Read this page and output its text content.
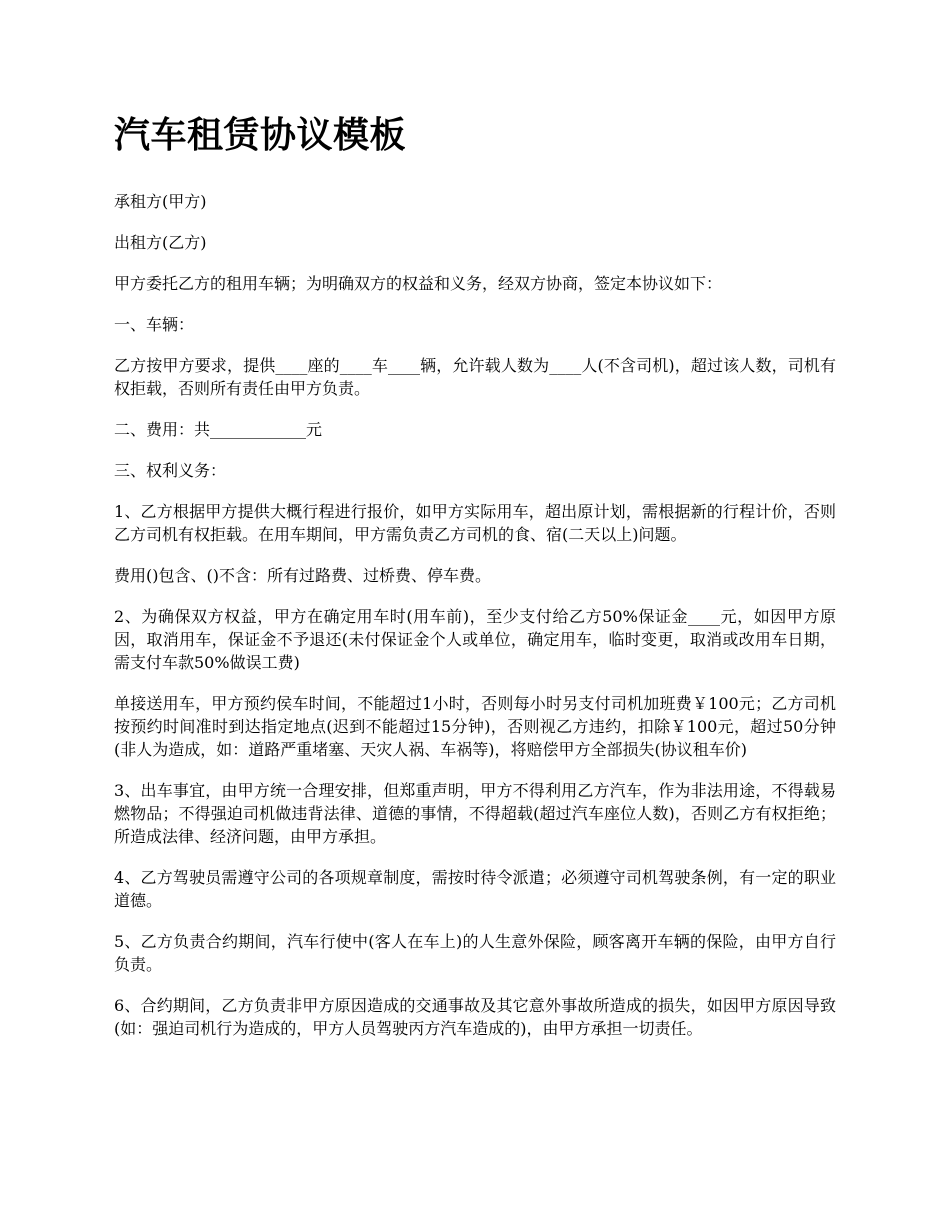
汽车租赁协议模板

承租方(甲方)

出租方(乙方)

甲方委托乙方的租用车辆；为明确双方的权益和义务，经双方协商，签定本协议如下：

一、车辆：

乙方按甲方要求，提供____座的____车____辆，允许载人数为____人(不含司机)，超过该人数，司机有权拒载，否则所有责任由甲方负责。

二、费用：共____________元

三、权利义务：

1、乙方根据甲方提供大概行程进行报价，如甲方实际用车，超出原计划，需根据新的行程计价，否则乙方司机有权拒载。在用车期间，甲方需负责乙方司机的食、宿(二天以上)问题。

费用()包含、()不含：所有过路费、过桥费、停车费。

2、为确保双方权益，甲方在确定用车时(用车前)，至少支付给乙方50%保证金____元，如因甲方原因，取消用车，保证金不予退还(未付保证金个人或单位，确定用车，临时变更，取消或改用车日期，需支付车款50%做误工费)

单接送用车，甲方预约侯车时间，不能超过1小时，否则每小时另支付司机加班费￥100元；乙方司机按预约时间准时到达指定地点(迟到不能超过15分钟)，否则视乙方违约，扣除￥100元，超过50分钟(非人为造成，如：道路严重堵塞、天灾人祸、车祸等)，将赔偿甲方全部损失(协议租车价)

3、出车事宜，由甲方统一合理安排，但郑重声明，甲方不得利用乙方汽车，作为非法用途，不得载易燃物品；不得强迫司机做违背法律、道德的事情，不得超载(超过汽车座位人数)，否则乙方有权拒绝；所造成法律、经济问题，由甲方承担。

4、乙方驾驶员需遵守公司的各项规章制度，需按时待令派遣；必须遵守司机驾驶条例，有一定的职业道德。

5、乙方负责合约期间，汽车行使中(客人在车上)的人生意外保险，顾客离开车辆的保险，由甲方自行负责。

6、合约期间，乙方负责非甲方原因造成的交通事故及其它意外事故所造成的损失，如因甲方原因导致(如：强迫司机行为造成的，甲方人员驾驶丙方汽车造成的)，由甲方承担一切责任。
